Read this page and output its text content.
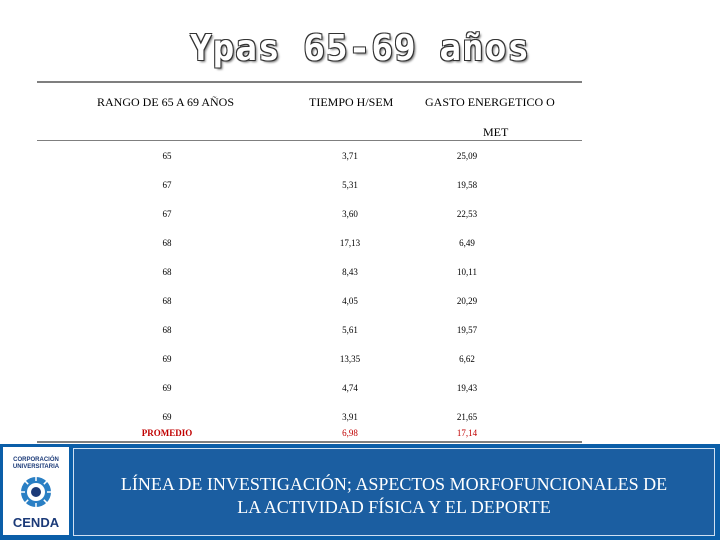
Ypas 65-69 años
RANGO DE 65 A 69 AÑOS	TIEMPO H/SEM	GASTO ENERGETICO O
MET
65	3,71	25,09
67	5,31	19,58
67	3,60	22,53
68	17,13	6,49
68	8,43	10,11
68	4,05	20,29
68	5,61	19,57
69	13,35	6,62
69	4,74	19,43
69	3,91	21,65
PROMEDIO	6,98	17,14
CORPORACIÓN
UNIVERSITARIA
CENDA
LÍNEA DE INVESTIGACIÓN; ASPECTOS MORFOFUNCIONALES DE
LA ACTIVIDAD FÍSICA Y EL DEPORTE
